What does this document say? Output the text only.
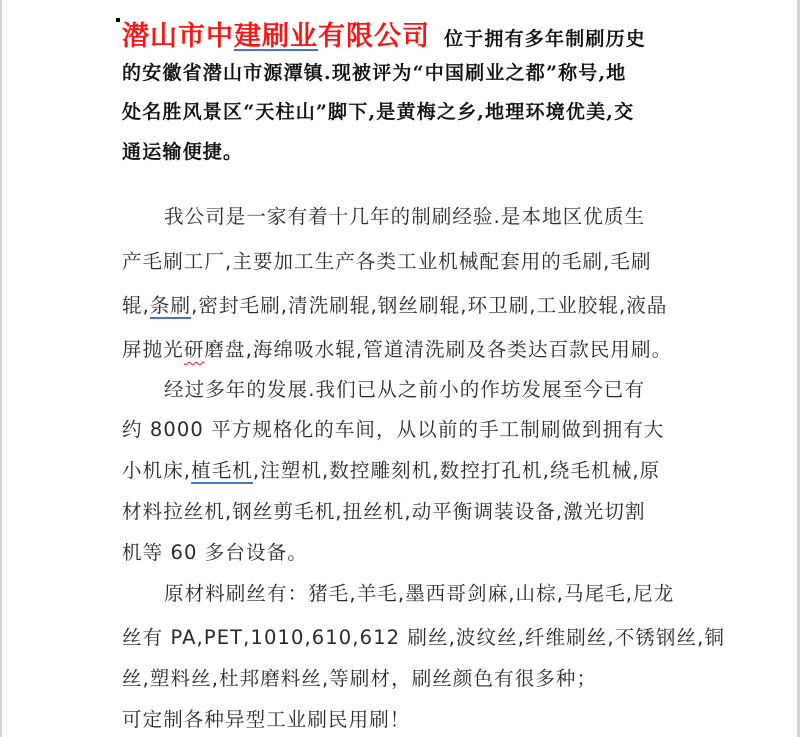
潜山市中建刷业有限公司 位于拥有多年制刷历史
的安徽省潜山市源潭镇.现被评为“中国刷业之都”称号,地
处名胜风景区“天柱山”脚下,是黄梅之乡,地理环境优美,交
通运输便捷。
我公司是一家有着十几年的制刷经验.是本地区优质生
产毛刷工厂,主要加工生产各类工业机械配套用的毛刷,毛刷
辊,条刷,密封毛刷,清洗刷辊,钢丝刷辊,环卫刷,工业胶辊,液晶
屏抛光研磨盘,海绵吸水辊,管道清洗刷及各类达百款民用刷。
经过多年的发展.我们已从之前小的作坊发展至今已有
约 8000 平方规格化的车间，从以前的手工制刷做到拥有大
小机床,植毛机,注塑机,数控雕刻机,数控打孔机,绕毛机械,原
材料拉丝机,钢丝剪毛机,扭丝机,动平衡调装设备,激光切割
机等 60 多台设备。
原材料刷丝有：猪毛,羊毛,墨西哥剑麻,山棕,马尾毛,尼龙
丝有 PA,PET,1010,610,612 刷丝,波纹丝,纤维刷丝,不锈钢丝,铜
丝,塑料丝,杜邦磨料丝,等刷材，刷丝颜色有很多种；
可定制各种异型工业刷民用刷！
